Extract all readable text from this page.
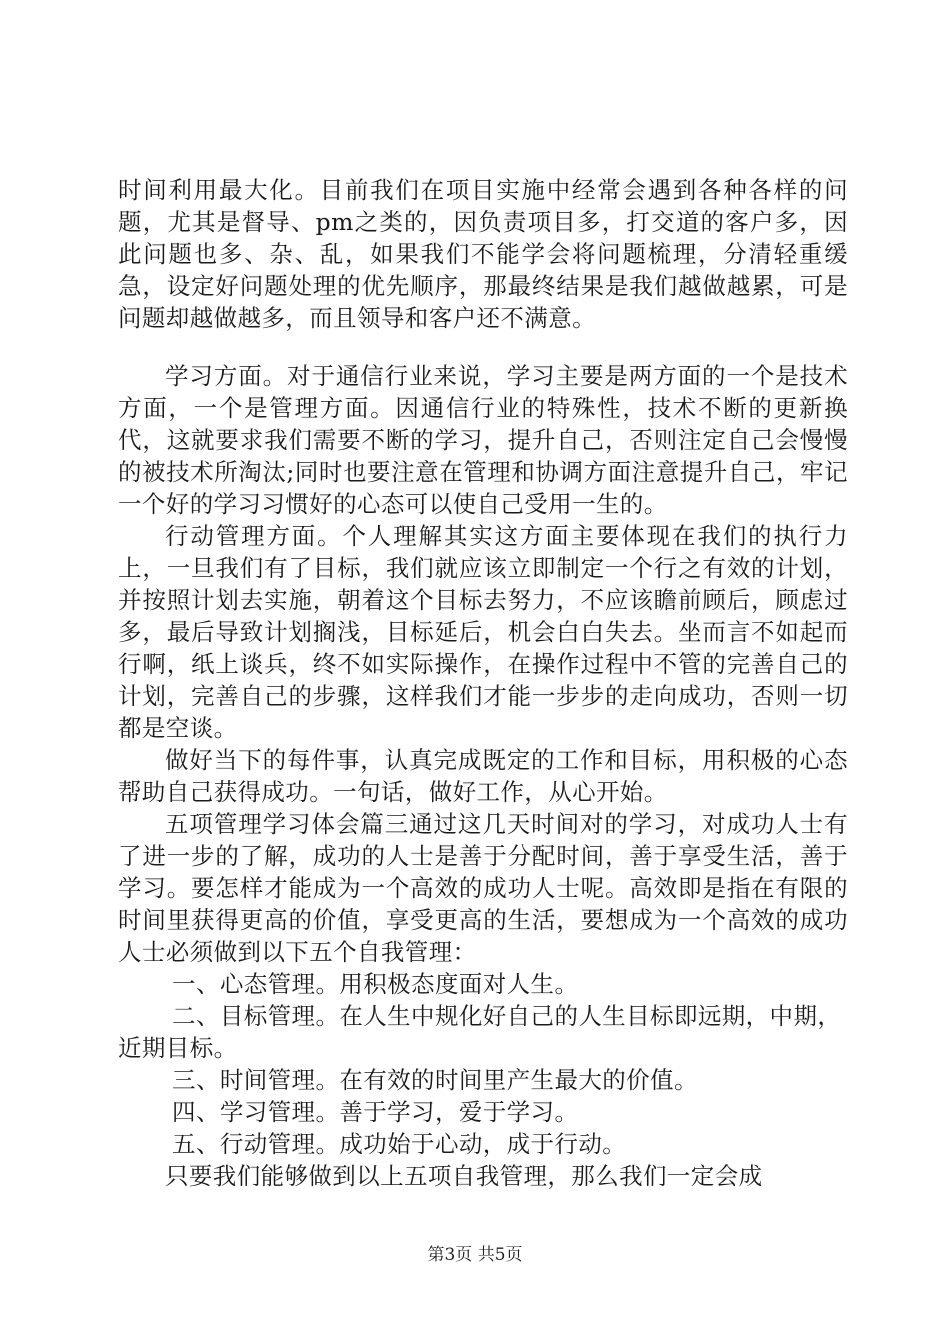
时间利用最大化。目前我们在项目实施中经常会遇到各种各样的问题，尤其是督导、pm之类的，因负责项目多，打交道的客户多，因此问题也多、杂、乱，如果我们不能学会将问题梳理，分清轻重缓急，设定好问题处理的优先顺序，那最终结果是我们越做越累，可是问题却越做越多，而且领导和客户还不满意。

学习方面。对于通信行业来说，学习主要是两方面的一个是技术方面，一个是管理方面。因通信行业的特殊性，技术不断的更新换代，这就要求我们需要不断的学习，提升自己，否则注定自己会慢慢的被技术所淘汰;同时也要注意在管理和协调方面注意提升自己，牢记一个好的学习习惯好的心态可以使自己受用一生的。

行动管理方面。个人理解其实这方面主要体现在我们的执行力上，一旦我们有了目标，我们就应该立即制定一个行之有效的计划，并按照计划去实施，朝着这个目标去努力，不应该瞻前顾后，顾虑过多，最后导致计划搁浅，目标延后，机会白白失去。坐而言不如起而行啊，纸上谈兵，终不如实际操作，在操作过程中不管的完善自己的计划，完善自己的步骤，这样我们才能一步步的走向成功，否则一切都是空谈。

做好当下的每件事，认真完成既定的工作和目标，用积极的心态帮助自己获得成功。一句话，做好工作，从心开始。

五项管理学习体会篇三通过这几天时间对的学习，对成功人士有了进一步的了解，成功的人士是善于分配时间，善于享受生活，善于学习。要怎样才能成为一个高效的成功人士呢。高效即是指在有限的时间里获得更高的价值，享受更高的生活，要想成为一个高效的成功人士必须做到以下五个自我管理：

一、心态管理。用积极态度面对人生。

二、目标管理。在人生中规化好自己的人生目标即远期，中期，近期目标。

三、时间管理。在有效的时间里产生最大的价值。

四、学习管理。善于学习，爱于学习。

五、行动管理。成功始于心动，成于行动。

只要我们能够做到以上五项自我管理，那么我们一定会成

第3页 共5页
